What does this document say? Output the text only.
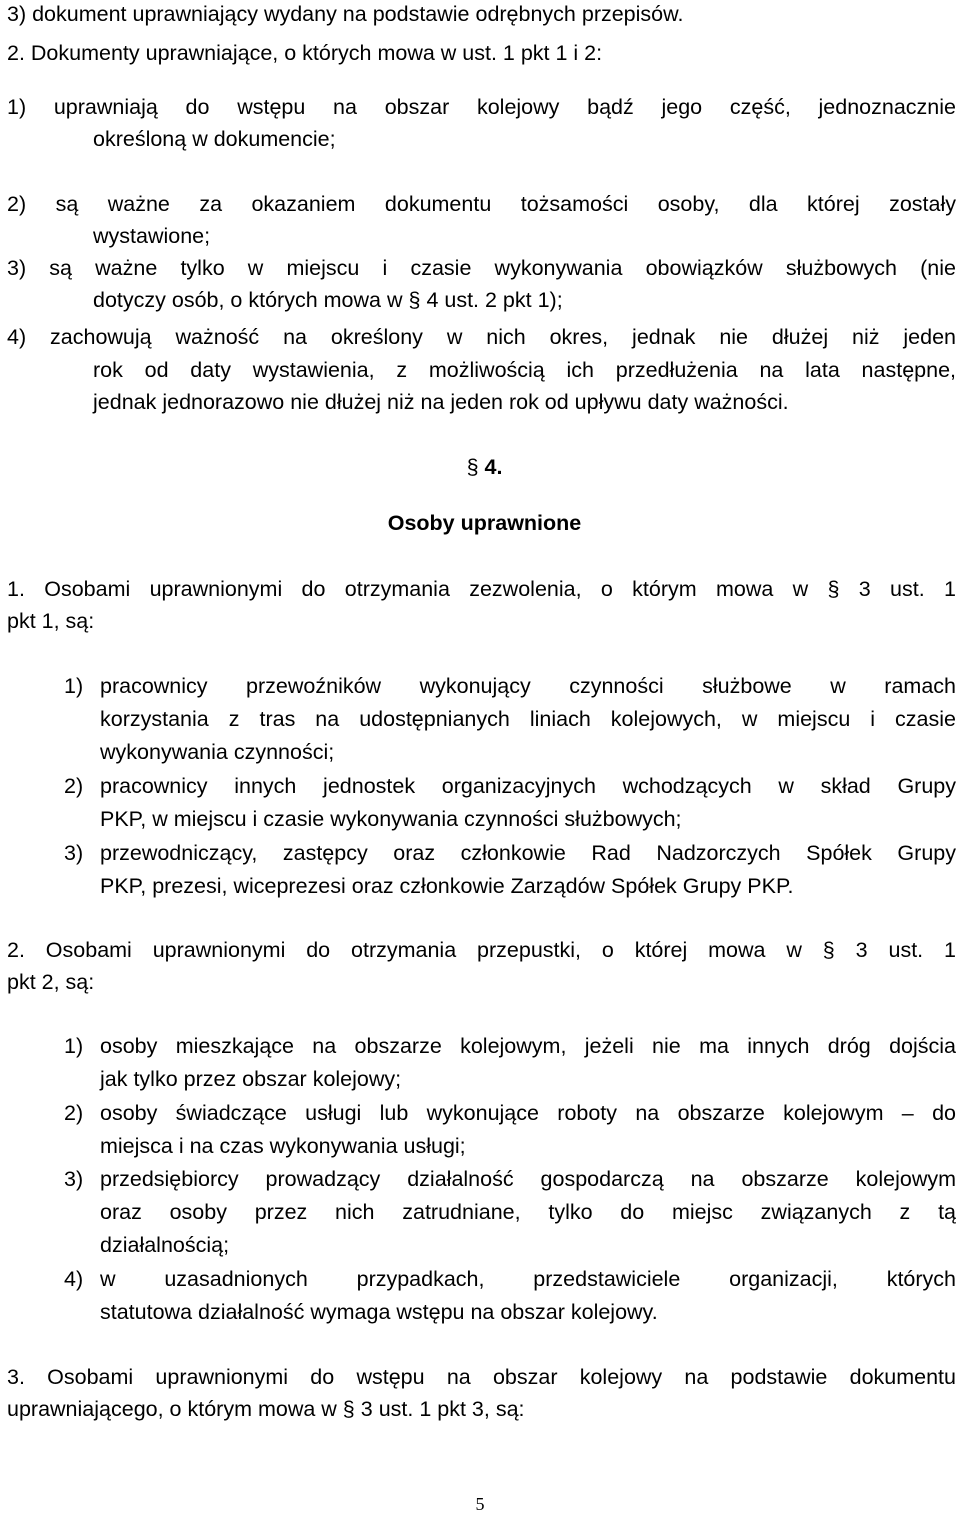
3) dokument uprawniający wydany na podstawie odrębnych przepisów.
2. Dokumenty uprawniające, o których mowa w ust. 1 pkt 1 i 2:
1) uprawniają do wstępu na obszar kolejowy bądź jego część, jednoznacznie
określoną w dokumencie;
2) są ważne za okazaniem dokumentu tożsamości osoby, dla której zostały
wystawione;
3) są ważne tylko w miejscu i czasie wykonywania obowiązków służbowych (nie
dotyczy osób, o których mowa w § 4 ust. 2 pkt 1);
4) zachowują ważność na określony w nich okres, jednak nie dłużej niż jeden
rok od daty wystawienia, z możliwością ich przedłużenia na lata następne,
jednak jednorazowo nie dłużej niż na jeden rok od upływu daty ważności.
§ 4.
Osoby uprawnione
1. Osobami uprawnionymi do otrzymania zezwolenia, o którym mowa w § 3 ust. 1
pkt 1, są:
1) pracownicy przewoźników wykonujący czynności służbowe w ramach
korzystania z tras na udostępnianych liniach kolejowych, w miejscu i czasie
wykonywania czynności;
2) pracownicy innych jednostek organizacyjnych wchodzących w skład Grupy
PKP, w miejscu i czasie wykonywania czynności służbowych;
3) przewodniczący, zastępcy oraz członkowie Rad Nadzorczych Spółek Grupy
PKP, prezesi, wiceprezesi oraz członkowie Zarządów Spółek Grupy PKP.
2. Osobami uprawnionymi do otrzymania przepustki, o której mowa w §	3 ust. 1
pkt 2, są:
1) osoby mieszkające na obszarze kolejowym, jeżeli nie ma innych dróg dojścia
jak tylko przez obszar kolejowy;
2) osoby świadczące usługi lub wykonujące roboty na obszarze kolejowym – do
miejsca i na czas wykonywania usługi;
3) przedsiębiorcy prowadzący działalność gospodarczą na obszarze kolejowym
oraz osoby przez nich zatrudniane, tylko do miejsc związanych z tą
działalnością;
4) w uzasadnionych przypadkach, przedstawiciele organizacji, których
statutowa działalność wymaga wstępu na obszar kolejowy.
3. Osobami uprawnionymi do wstępu na obszar kolejowy na podstawie dokumentu
uprawniającego, o którym mowa w § 3 ust. 1 pkt 3, są:
5
